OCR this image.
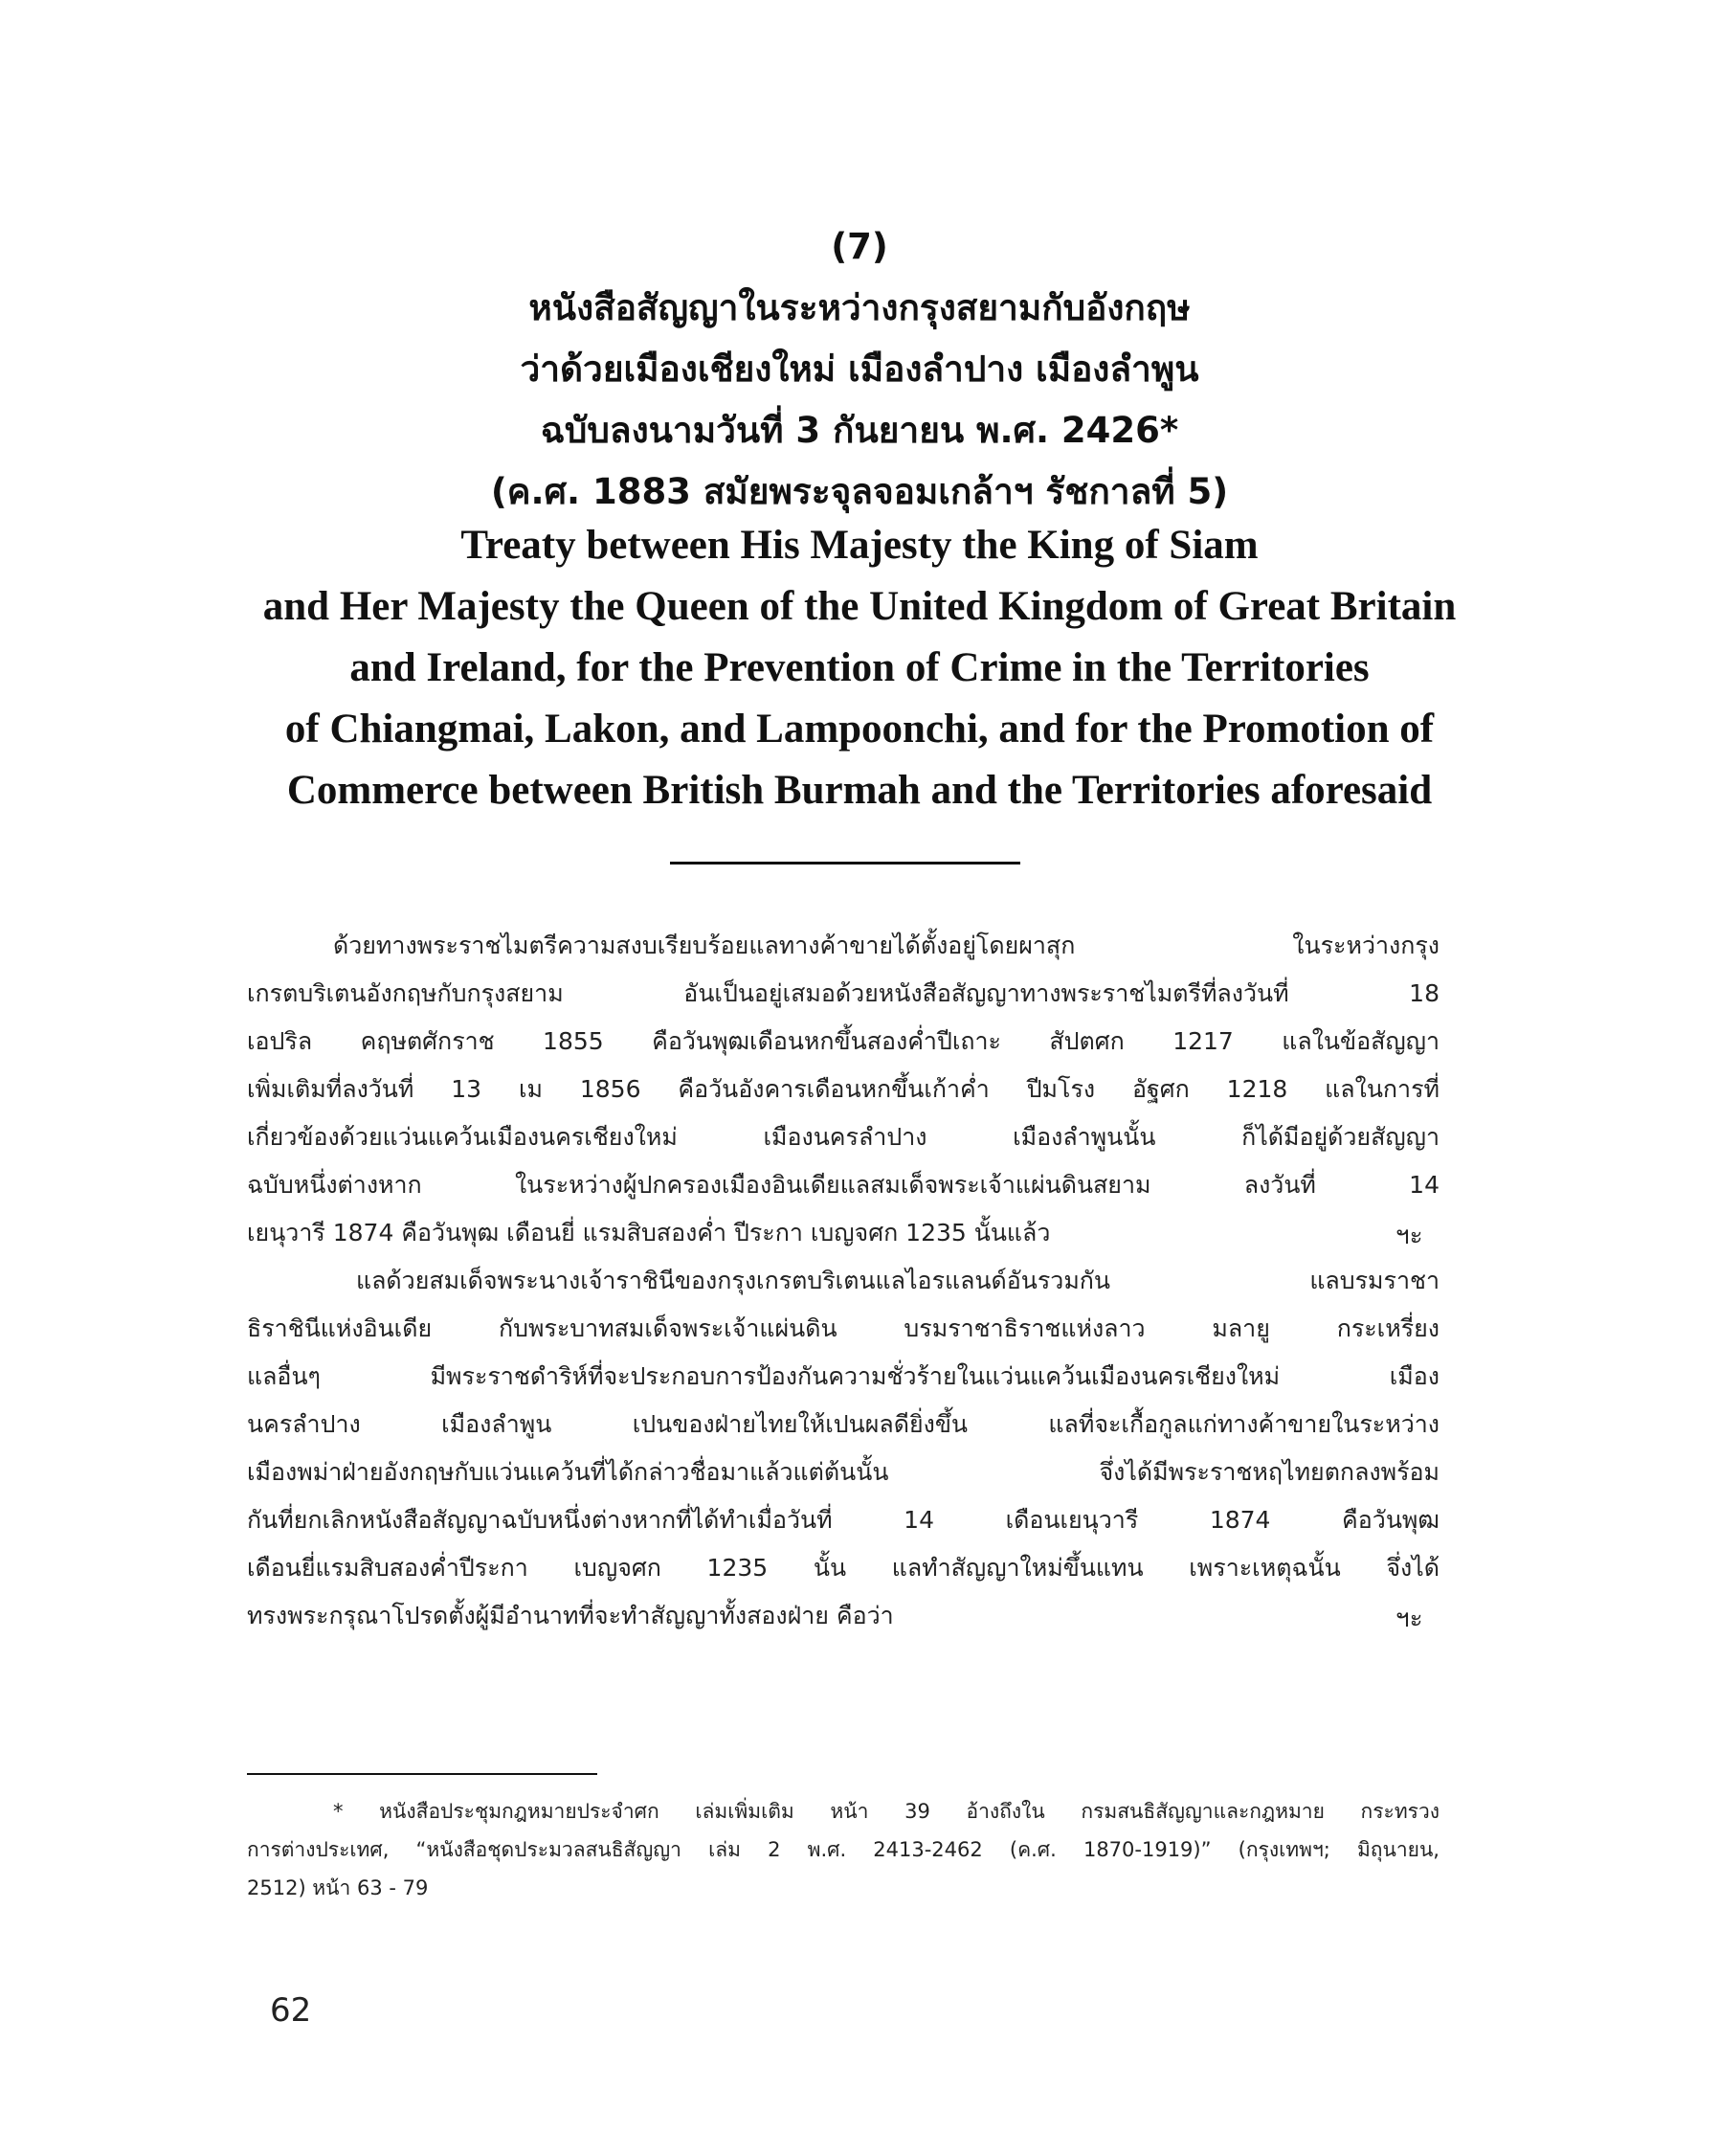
(7)
หนังสือสัญญาในระหว่างกรุงสยามกับอังกฤษ
ว่าด้วยเมืองเชียงใหม่ เมืองลำปาง เมืองลำพูน
ฉบับลงนามวันที่ 3 กันยายน พ.ศ. 2426*
(ค.ศ. 1883 สมัยพระจุลจอมเกล้าฯ รัชกาลที่ 5)
Treaty between His Majesty the King of Siam
and Her Majesty the Queen of the United Kingdom of Great Britain
and Ireland, for the Prevention of Crime in the Territories
of Chiangmai, Lakon, and Lampoonchi, and for the Promotion of
Commerce between British Burmah and the Territories aforesaid
ด้วยทางพระราชไมตรีความสงบเรียบร้อยแลทางค้าขายได้ตั้งอยู่โดยผาสุก ในระหว่างกรุง
เกรตบริเตนอังกฤษกับกรุงสยาม อันเป็นอยู่เสมอด้วยหนังสือสัญญาทางพระราชไมตรีที่ลงวันที่ 18
เอปริล คฤษตศักราช 1855 คือวันพุฒเดือนหกขึ้นสองค่ำปีเถาะ สัปตศก 1217 แลในข้อสัญญา
เพิ่มเติมที่ลงวันที่ 13 เม 1856 คือวันอังคารเดือนหกขึ้นเก้าค่ำ ปีมโรง อัฐศก 1218 แลในการที่
เกี่ยวข้องด้วยแว่นแคว้นเมืองนครเชียงใหม่ เมืองนครลำปาง เมืองลำพูนนั้น ก็ได้มีอยู่ด้วยสัญญา
ฉบับหนึ่งต่างหาก ในระหว่างผู้ปกครองเมืองอินเดียแลสมเด็จพระเจ้าแผ่นดินสยาม ลงวันที่ 14
เยนุวารี 1874 คือวันพุฒ เดือนยี่ แรมสิบสองค่ำ ปีระกา เบญจศก 1235 นั้นแล้ว	ฯะ
แลด้วยสมเด็จพระนางเจ้าราชินีของกรุงเกรตบริเตนแลไอรแลนด์อันรวมกัน แลบรมราชา
ธิราชินีแห่งอินเดีย กับพระบาทสมเด็จพระเจ้าแผ่นดิน บรมราชาธิราชแห่งลาว มลายู กระเหรี่ยง
แลอื่นๆ มีพระราชดำริห์ที่จะประกอบการป้องกันความชั่วร้ายในแว่นแคว้นเมืองนครเชียงใหม่ เมือง
นครลำปาง เมืองลำพูน เปนของฝ่ายไทยให้เปนผลดียิ่งขึ้น แลที่จะเกื้อกูลแก่ทางค้าขายในระหว่าง
เมืองพม่าฝ่ายอังกฤษกับแว่นแคว้นที่ได้กล่าวชื่อมาแล้วแต่ต้นนั้น จึ่งได้มีพระราชหฤไทยตกลงพร้อม
กันที่ยกเลิกหนังสือสัญญาฉบับหนึ่งต่างหากที่ได้ทำเมื่อวันที่ 14 เดือนเยนุวารี 1874 คือวันพุฒ
เดือนยี่แรมสิบสองค่ำปีระกา เบญจศก 1235 นั้น แลทำสัญญาใหม่ขึ้นแทน เพราะเหตุฉนั้น จึ่งได้
ทรงพระกรุณาโปรดตั้งผู้มีอำนาทที่จะทำสัญญาทั้งสองฝ่าย คือว่า	ฯะ
* หนังสือประชุมกฎหมายประจำศก เล่มเพิ่มเติม หน้า 39 อ้างถึงใน กรมสนธิสัญญาและกฎหมาย กระทรวง
การต่างประเทศ, “หนังสือชุดประมวลสนธิสัญญา เล่ม 2 พ.ศ. 2413-2462 (ค.ศ. 1870-1919)” (กรุงเทพฯ; มิถุนายน,
2512) หน้า 63 - 79
62
